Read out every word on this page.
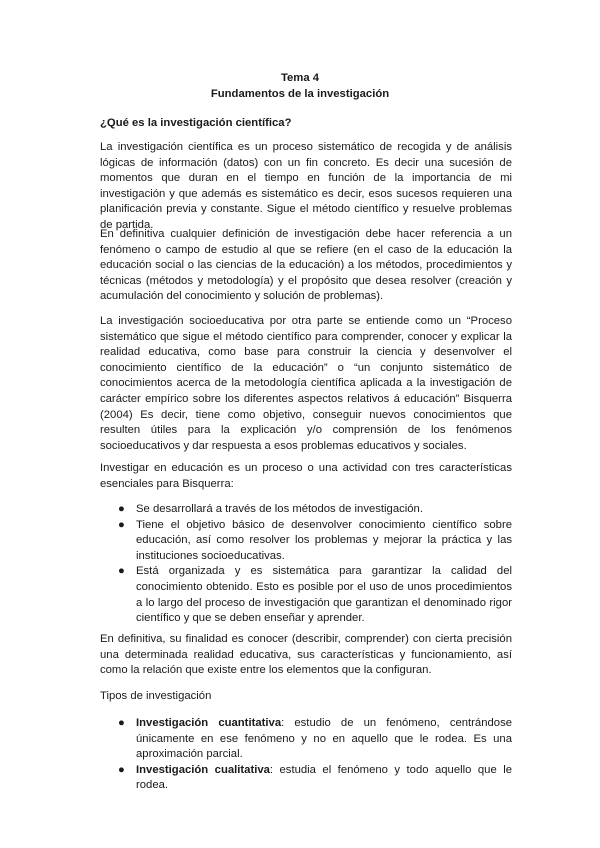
Tema 4
Fundamentos de la investigación
¿Qué es la investigación científica?
La investigación científica es un proceso sistemático de recogida y de análisis lógicas de información (datos) con un fin concreto. Es decir una sucesión de momentos que duran en el tiempo en función de la importancia de mi investigación y que además es sistemático es decir, esos sucesos requieren una planificación previa y constante. Sigue el método científico y resuelve problemas de partida.
En definitiva cualquier definición de investigación debe hacer referencia a un fenómeno o campo de estudio al que se refiere (en el caso de la educación la educación social o las ciencias de la educación) a los métodos, procedimientos y técnicas (métodos y metodología) y el propósito que desea resolver (creación y acumulación del conocimiento y solución de problemas).
La investigación socioeducativa por otra parte se entiende como un “Proceso sistemático que sigue el método científico para comprender, conocer y explicar la realidad educativa, como base para construir la ciencia y desenvolver el conocimiento científico de la educación” o “un conjunto sistemático de conocimientos acerca de la metodología científica aplicada a la investigación de carácter empírico sobre los diferentes aspectos relativos á educación” Bisquerra (2004) Es decir, tiene como objetivo, conseguir nuevos conocimientos que resulten útiles para la explicación y/o comprensión de los fenómenos socioeducativos y dar respuesta a esos problemas educativos y sociales.
Investigar en educación es un proceso o una actividad con tres características esenciales para Bisquerra:
● Se desarrollará a través de los métodos de investigación.
● Tiene el objetivo básico de desenvolver conocimiento científico sobre educación, así como resolver los problemas y mejorar la práctica y las instituciones socioeducativas.
● Está organizada y es sistemática para garantizar la calidad del conocimiento obtenido. Esto es posible por el uso de unos procedimientos a lo largo del proceso de investigación que garantizan el denominado rigor científico y que se deben enseñar y aprender.
En definitiva, su finalidad es conocer (describir, comprender) con cierta precisión una determinada realidad educativa, sus características y funcionamiento, así como la relación que existe entre los elementos que la configuran.
Tipos de investigación
● Investigación cuantitativa: estudio de un fenómeno, centrándose únicamente en ese fenómeno y no en aquello que le rodea. Es una aproximación parcial.
● Investigación cualitativa: estudia el fenómeno y todo aquello que le rodea.
